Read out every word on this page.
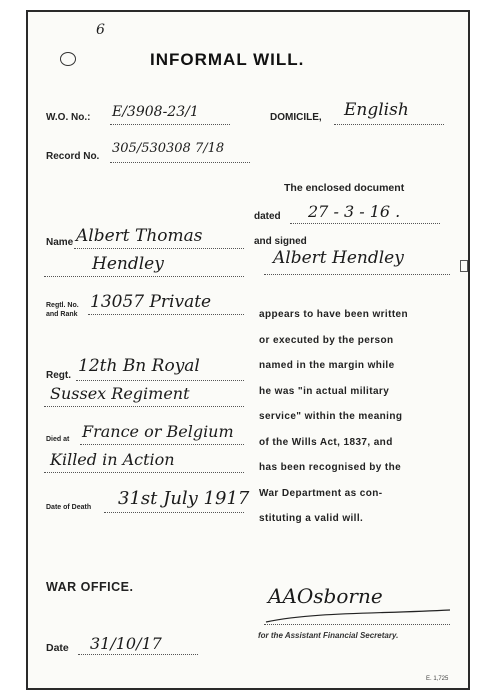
6
INFORMAL WILL.
W.O. No.: E/3908-23/1	DOMICILE, English
Record No.
305/530308 7/18
The enclosed document
dated 27 - 3 - 16 .
and signed
Albert Hendley
Name Albert Thomas
Hendley
Regtl. No.
and Rank
13057 Private
Regt. 12th Bn Royal
Sussex Regiment
Died at France or Belgium
Killed in Action
Date of Death 31st July 1917
appears to have been written
or executed by the person
named in the margin while
he was "in actual military
service" within the meaning
of the Wills Act, 1837, and
has been recognised by the
War Department as con-
stituting a valid will.
WAR OFFICE.	AAOsborne
for the Assistant Financial Secretary.
Date 31/10/17
E. 1,725
